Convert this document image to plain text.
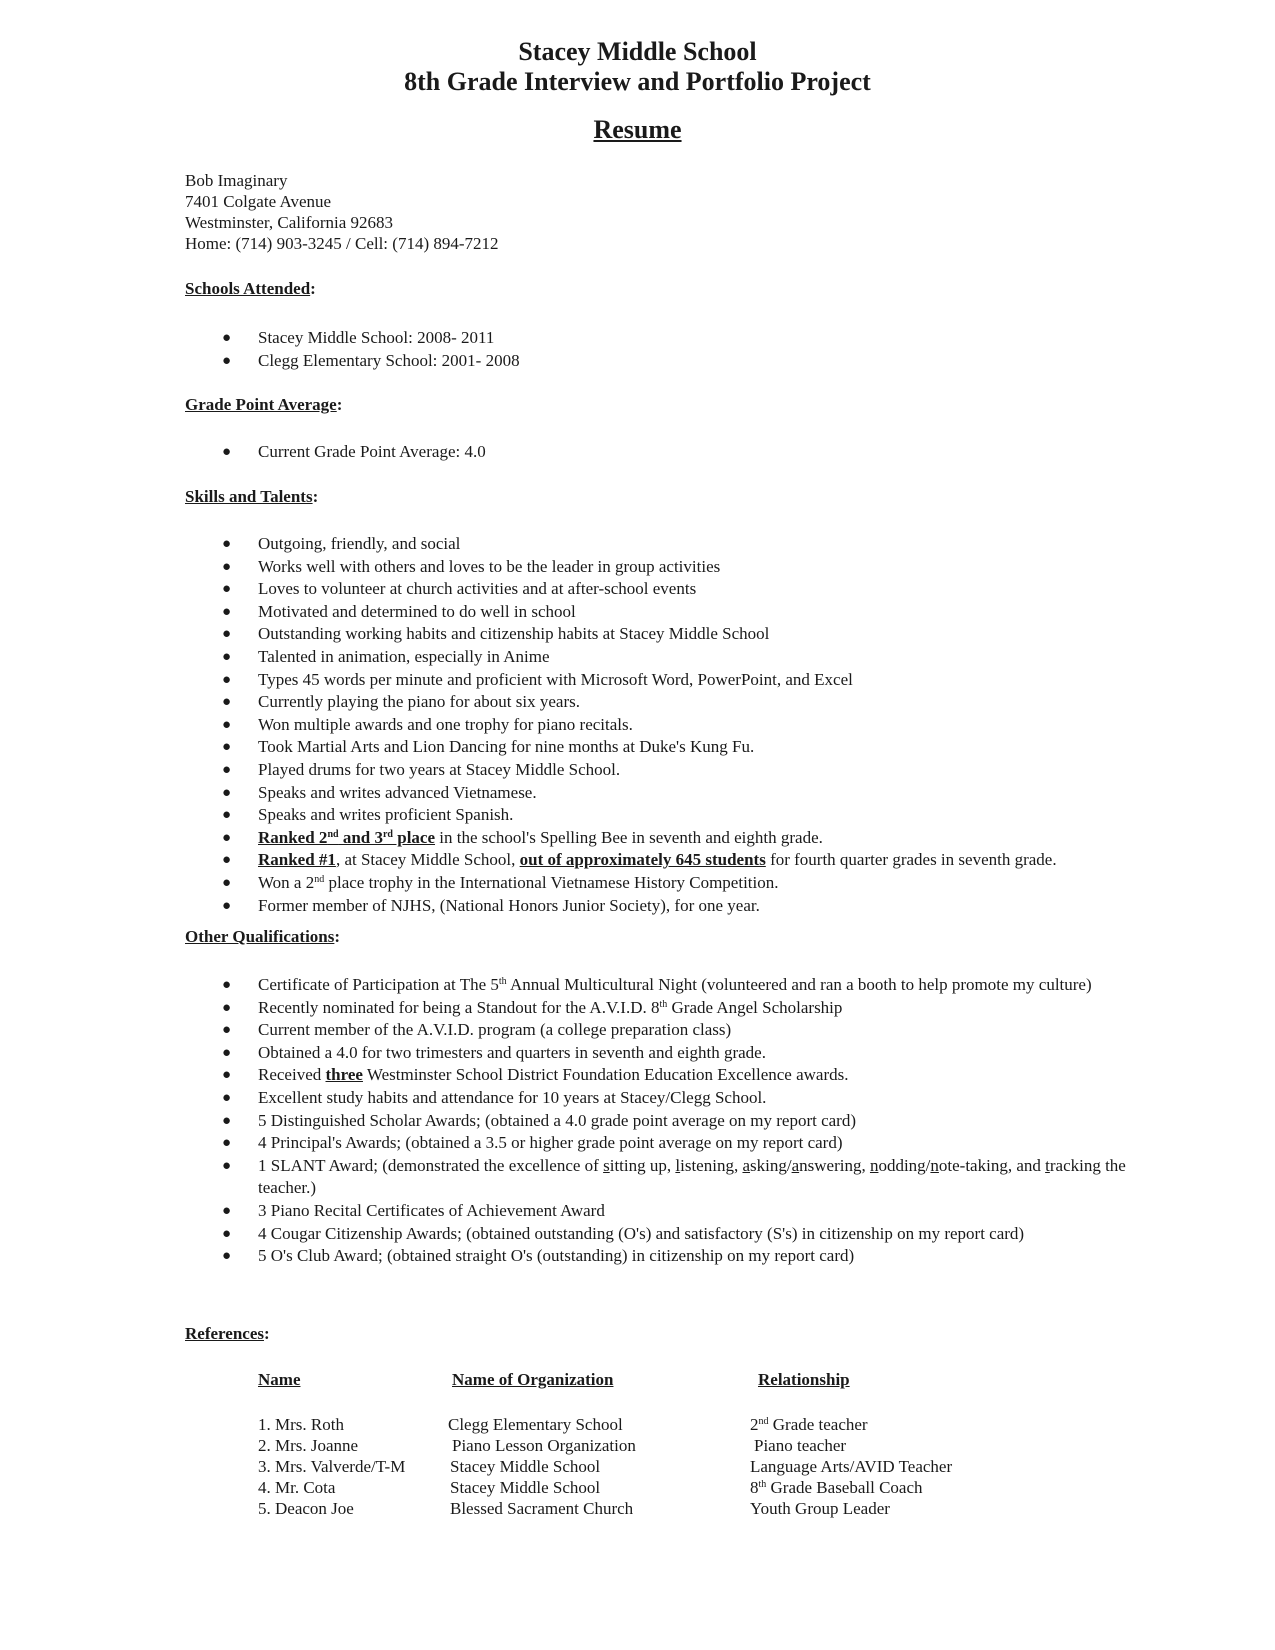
Stacey Middle School
8th Grade Interview and Portfolio Project
Resume

Bob Imaginary

7401 Colgate Avenue

Westminster, California 92683

Home: (714) 903-3245 / Cell: (714) 894-7212

Schools Attended:

● Stacey Middle School: 2008- 2011
● Clegg Elementary School: 2001- 2008

Grade Point Average:

● Current Grade Point Average: 4.0

Skills and Talents:

● Outgoing, friendly, and social
● Works well with others and loves to be the leader in group activities
● Loves to volunteer at church activities and at after-school events
● Motivated and determined to do well in school
● Outstanding working habits and citizenship habits at Stacey Middle School
● Talented in animation, especially in Anime
● Types 45 words per minute and proficient with Microsoft Word, PowerPoint, and Excel
● Currently playing the piano for about six years.
● Won multiple awards and one trophy for piano recitals.
● Took Martial Arts and Lion Dancing for nine months at Duke's Kung Fu.
● Played drums for two years at Stacey Middle School.
● Speaks and writes advanced Vietnamese.
● Speaks and writes proficient Spanish.
● Ranked 2nd and 3rd place in the school's Spelling Bee in seventh and eighth grade.
● Ranked #1, at Stacey Middle School, out of approximately 645 students for fourth quarter grades in seventh grade.
● Won a 2nd place trophy in the International Vietnamese History Competition.
● Former member of NJHS, (National Honors Junior Society), for one year.

Other Qualifications:

● Certificate of Participation at The 5th Annual Multicultural Night (volunteered and ran a booth to help promote my culture)
● Recently nominated for being a Standout for the A.V.I.D. 8th Grade Angel Scholarship
● Current member of the A.V.I.D. program (a college preparation class)
● Obtained a 4.0 for two trimesters and quarters in seventh and eighth grade.
● Received three Westminster School District Foundation Education Excellence awards.
● Excellent study habits and attendance for 10 years at Stacey/Clegg School.
● 5 Distinguished Scholar Awards; (obtained a 4.0 grade point average on my report card)
● 4 Principal's Awards; (obtained a 3.5 or higher grade point average on my report card)
● 1 SLANT Award; (demonstrated the excellence of sitting up, listening, asking/answering, nodding/note-taking, and tracking the teacher.)
● 3 Piano Recital Certificates of Achievement Award
● 4 Cougar Citizenship Awards; (obtained outstanding (O's) and satisfactory (S's) in citizenship on my report card)
● 5 O's Club Award; (obtained straight O's (outstanding) in citizenship on my report card)

References:

Name	Name of Organization	Relationship
1. Mrs. Roth	Clegg Elementary School	2nd Grade teacher
2. Mrs. Joanne	Piano Lesson Organization	Piano teacher
3. Mrs. Valverde/T-M	Stacey Middle School	Language Arts/AVID Teacher
4. Mr. Cota	Stacey Middle School	8th Grade Baseball Coach
5. Deacon Joe	Blessed Sacrament Church	Youth Group Leader
